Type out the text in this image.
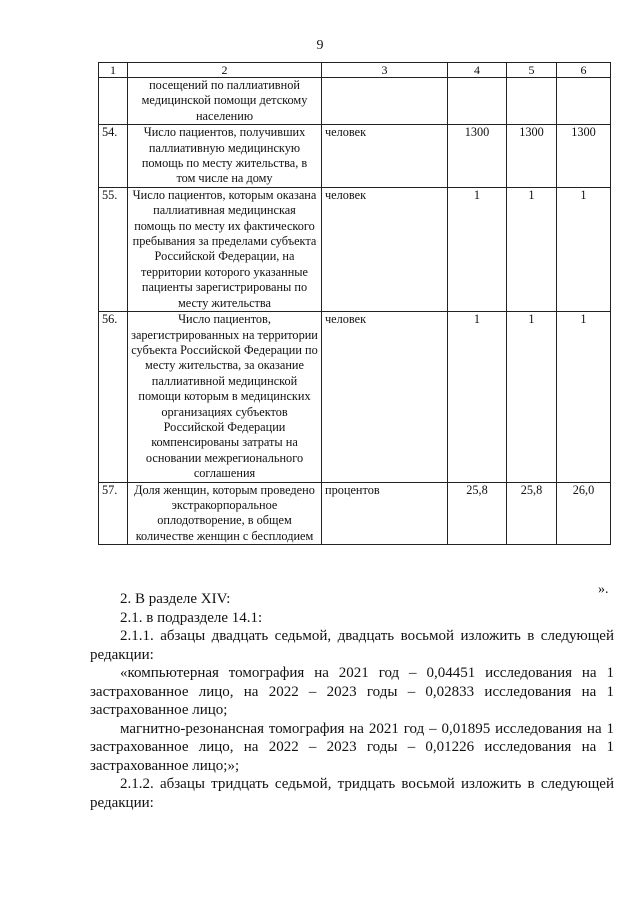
9
1	2	3	4	5	6
	посещений по паллиативной медицинской помощи детскому населению				
54.	Число пациентов, получивших паллиативную медицинскую помощь по месту жительства, в том числе на дому	человек	1300	1300	1300
55.	Число пациентов, которым оказана паллиативная медицинская помощь по месту их фактического пребывания за пределами субъекта Российской Федерации, на территории которого указанные пациенты зарегистрированы по месту жительства	человек	1	1	1
56.	Число пациентов, зарегистрированных на территории субъекта Российской Федерации по месту жительства, за оказание паллиативной медицинской помощи которым в медицинских организациях субъектов Российской Федерации компенсированы затраты на основании межрегионального соглашения	человек	1	1	1
57.	Доля женщин, которым проведено экстракорпоральное оплодотворение, в общем количестве женщин с бесплодием	процентов	25,8	25,8	26,0
».

2. В разделе XIV:

2.1. в подразделе 14.1:

2.1.1. абзацы двадцать седьмой, двадцать восьмой изложить в следующей редакции:

«компьютерная томография на 2021 год – 0,04451 исследования на 1 застрахованное лицо, на 2022 – 2023 годы – 0,02833 исследования на 1 застрахованное лицо;

магнитно-резонансная томография на 2021 год – 0,01895 исследования на 1 застрахованное лицо, на 2022 – 2023 годы – 0,01226 исследования на 1 застрахованное лицо;»;

2.1.2. абзацы тридцать седьмой, тридцать восьмой изложить в следующей редакции:
